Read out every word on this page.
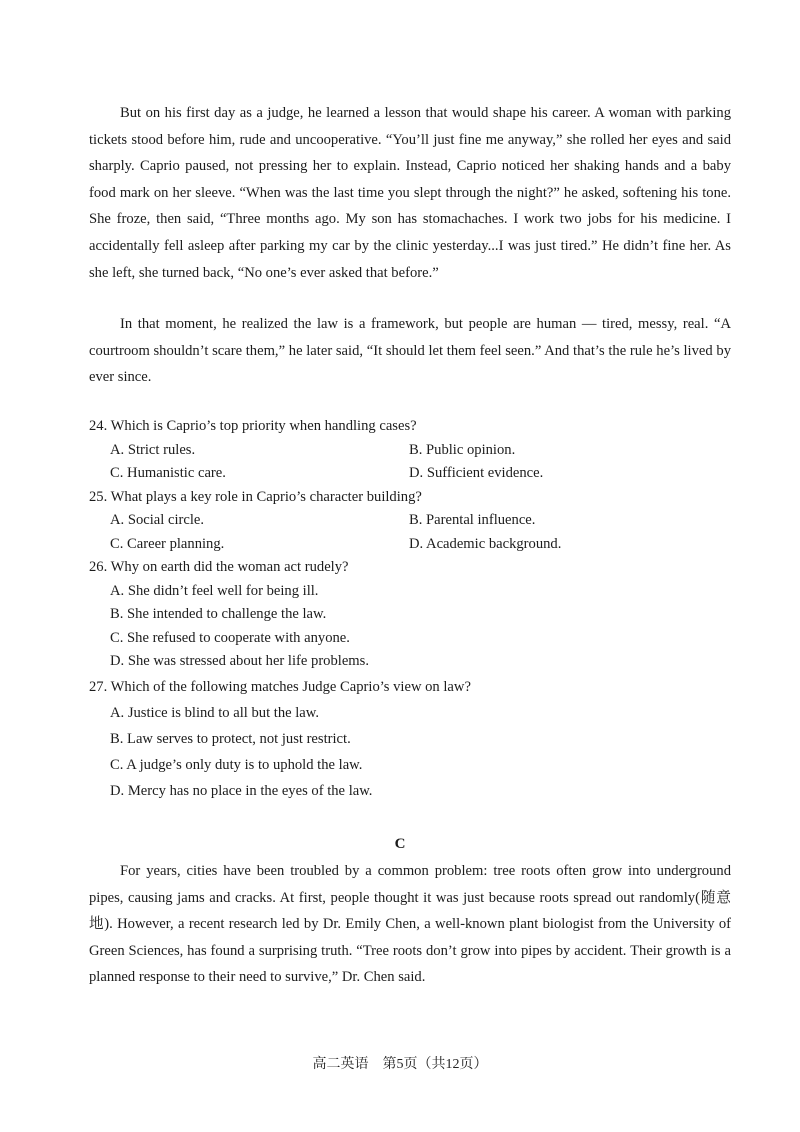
But on his first day as a judge, he learned a lesson that would shape his career. A woman with parking tickets stood before him, rude and uncooperative. “You’ll just fine me anyway,” she rolled her eyes and said sharply. Caprio paused, not pressing her to explain. Instead, Caprio noticed her shaking hands and a baby food mark on her sleeve. “When was the last time you slept through the night?” he asked, softening his tone. She froze, then said, “Three months ago. My son has stomachaches. I work two jobs for his medicine. I accidentally fell asleep after parking my car by the clinic yesterday...I was just tired.” He didn’t fine her. As she left, she turned back, “No one’s ever asked that before.”

In that moment, he realized the law is a framework, but people are human — tired, messy, real. “A courtroom shouldn’t scare them,” he later said, “It should let them feel seen.” And that’s the rule he’s lived by ever since.

24. Which is Caprio’s top priority when handling cases?
A. Strict rules.	B. Public opinion.
C. Humanistic care.	D. Sufficient evidence.
25. What plays a key role in Caprio’s character building?
A. Social circle.	B. Parental influence.
C. Career planning.	D. Academic background.
26. Why on earth did the woman act rudely?
A. She didn’t feel well for being ill.
B. She intended to challenge the law.
C. She refused to cooperate with anyone.
D. She was stressed about her life problems.
27. Which of the following matches Judge Caprio’s view on law?
A. Justice is blind to all but the law.
B. Law serves to protect, not just restrict.
C. A judge’s only duty is to uphold the law.
D. Mercy has no place in the eyes of the law.
C

For years, cities have been troubled by a common problem: tree roots often grow into underground pipes, causing jams and cracks. At first, people thought it was just because roots spread out randomly(随意地). However, a recent research led by Dr. Emily Chen, a well-known plant biologist from the University of Green Sciences, has found a surprising truth. “Tree roots don’t grow into pipes by accident. Their growth is a planned response to their need to survive,” Dr. Chen said.

高二英语　第5页（共12页）
